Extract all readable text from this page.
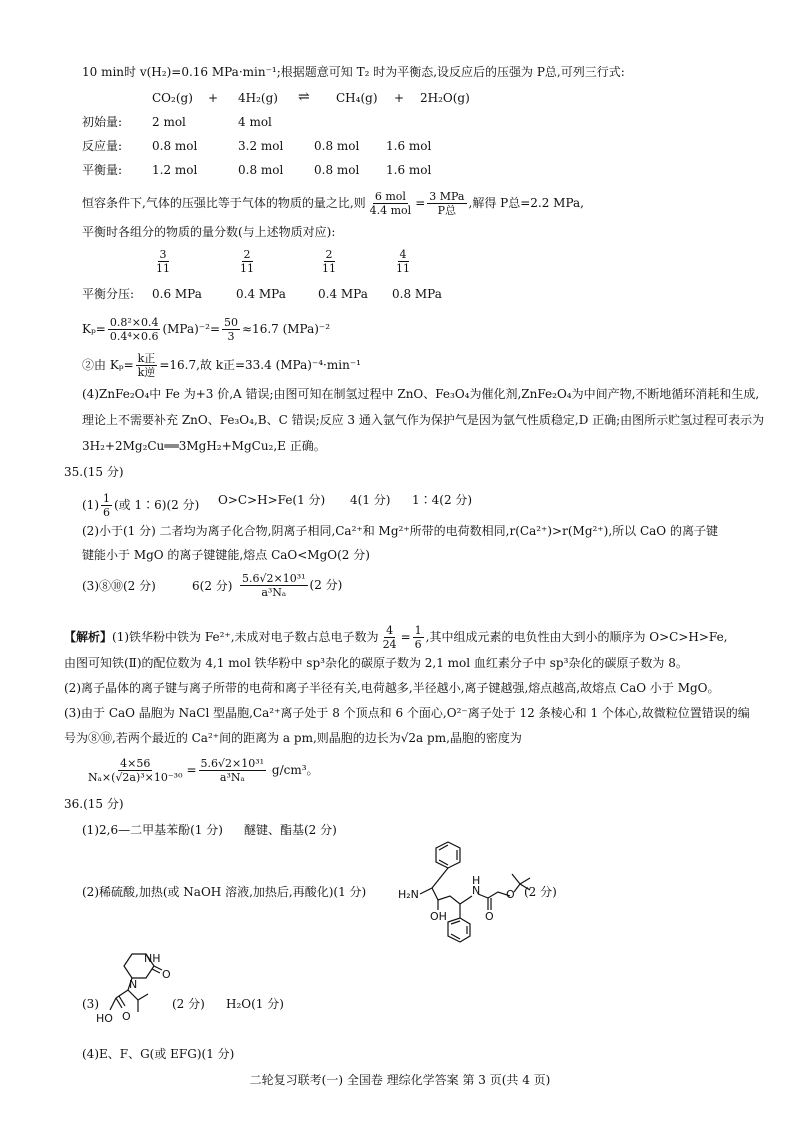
10 min时 v(H₂)=0.16 MPa·min⁻¹;根据题意可知 T₂ 时为平衡态,设反应后的压强为 P总,可列三行式:
CO₂(g) + 4H₂(g) ⇌ CH₄(g) + 2H₂O(g)
初始量: 2 mol	4 mol
反应量: 0.8 mol	3.2 mol	0.8 mol 1.6 mol
平衡量: 1.2 mol	0.8 mol	0.8 mol 1.6 mol
恒容条件下,气体的压强比等于气体的物质的量之比,则 $\frac{\text{6 mol}}{\text{4.4 mol}} = \frac{\text{3 MPa}}{\text{P总}}$ ,解得 P总=2.2 MPa,
平衡时各组分的物质的量分数(与上述物质对应):
$\frac{3}{11}$	$\frac{2}{11}$	$\frac{2}{11}$	$\frac{4}{11}$
平衡分压: 0.6 MPa	0.4 MPa	0.4 MPa 0.8 MPa
$K_p= \frac{\text{0.8²×0.4}}{\text{0.4⁴×0.6}} (MPa)^{-2}= \frac{50}{3} \approx 16.7$ (MPa)⁻²
②由 $K_p= \frac{\text{k正}}{\text{k逆}} =16.7$,故 k正=33.4 (MPa)⁻⁴·min⁻¹
(4)ZnFe₂O₄中 Fe 为+3 价,A 错误;由图可知在制氢过程中 ZnO、Fe₃O₄为催化剂,ZnFe₂O₄为中间产物,不断地循环消耗和生成,
理论上不需要补充 ZnO、Fe₃O₄,B、C 错误;反应 3 通入氩气作为保护气是因为氩气性质稳定,D 正确;由图所示贮氢过程可表示为
3H₂+2Mg₂Cu══3MgH₂+MgCu₂,E 正确。
35.(15 分)
$(1) \frac{1}{6}$ (或 1∶6)(2 分) O>C>H>Fe(1 分) 4(1 分) 1∶4(2 分)
(2)小于(1 分) 二者均为离子化合物,阴离子相同,Ca²⁺和 Mg²⁺所带的电荷数相同,r(Ca²⁺)>r(Mg²⁺),所以 CaO 的离子键
键能小于 MgO 的离子键键能,熔点 CaO<MgO(2 分)
(3)⑧⑩(2 分)	6(2 分) $\frac{\text{5.6√2×10³¹}}{\text{a³Nₐ}} (2$ 分)
【解析】(1)铁华粉中铁为 Fe²⁺,未成对电子数占总电子数为 $\frac{4}{24} = \frac{1}{6}$ ,其中组成元素的电负性由大到小的顺序为 O>C>H>Fe,
由图可知铁(Ⅱ)的配位数为 4,1 mol 铁华粉中 sp³杂化的碳原子数为 2,1 mol 血红素分子中 sp³杂化的碳原子数为 8。
(2)离子晶体的离子键与离子所带的电荷和离子半径有关,电荷越多,半径越小,离子键越强,熔点越高,故熔点 CaO 小于 MgO。
(3)由于 CaO 晶胞为 NaCl 型晶胞,Ca²⁺离子处于 8 个顶点和 6 个面心,O²⁻离子处于 12 条棱心和 1 个体心,故微粒位置错误的编
号为⑧⑩,若两个最近的 Ca²⁺间的距离为 a pm,则晶胞的边长为√2a pm,晶胞的密度为
$\frac{4\times 56}{\text{Nₐ×(√2a)³×10⁻³⁰}} = \frac{\text{5.6√2×10³¹}}{\text{a³Nₐ}} g/cm^3$。
36.(15 分)
(1)2,6—二甲基苯酚(1 分) 醚键、酯基(2 分)
(2)稀硫酸,加热(或 NaOH 溶液,加热后,再酸化)(1 分)	H₂N
OH
N
H
O
O (2 分)
NH
O
N
HO O
(3)	(2 分) H₂O(1 分)
(4)E、F、G(或 EFG)(1 分)
二轮复习联考(一) 全国卷 理综化学答案 第 3 页(共 4 页)
